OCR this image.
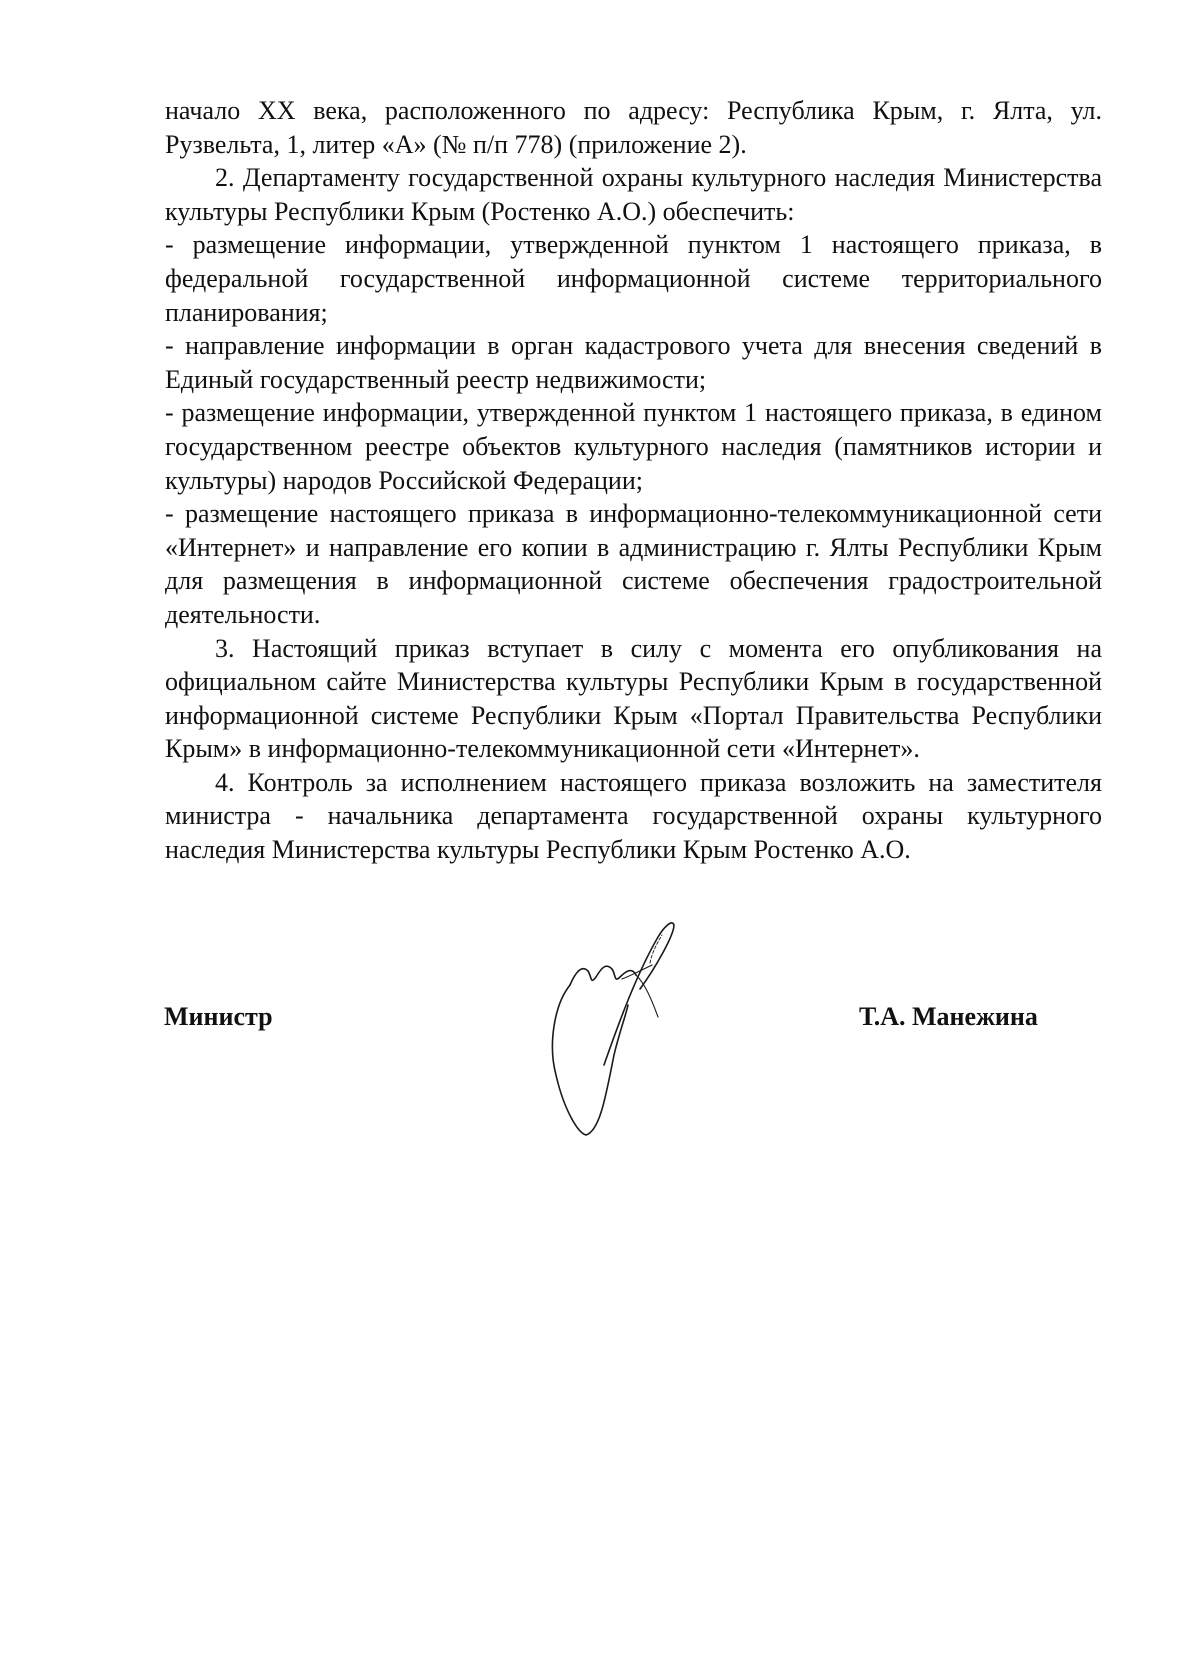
начало XX века, расположенного по адресу: Республика Крым, г. Ялта, ул. Рузвельта, 1, литер «А» (№ п/п 778) (приложение 2).

2. Департаменту государственной охраны культурного наследия Министерства культуры Республики Крым (Ростенко А.О.) обеспечить:

- размещение информации, утвержденной пунктом 1 настоящего приказа, в федеральной государственной информационной системе территориального планирования;

- направление информации в орган кадастрового учета для внесения сведений в Единый государственный реестр недвижимости;

- размещение информации, утвержденной пунктом 1 настоящего приказа, в едином государственном реестре объектов культурного наследия (памятников истории и культуры) народов Российской Федерации;

- размещение настоящего приказа в информационно-телекоммуникационной сети «Интернет» и направление его копии в администрацию г. Ялты Республики Крым для размещения в информационной системе обеспечения градостроительной деятельности.

3. Настоящий приказ вступает в силу с момента его опубликования на официальном сайте Министерства культуры Республики Крым в государственной информационной системе Республики Крым «Портал Правительства Республики Крым» в информационно-телекоммуникационной сети «Интернет».

4. Контроль за исполнением настоящего приказа возложить на заместителя министра - начальника департамента государственной охраны культурного наследия Министерства культуры Республики Крым Ростенко А.О.

Министр	Т.А. Манежина
